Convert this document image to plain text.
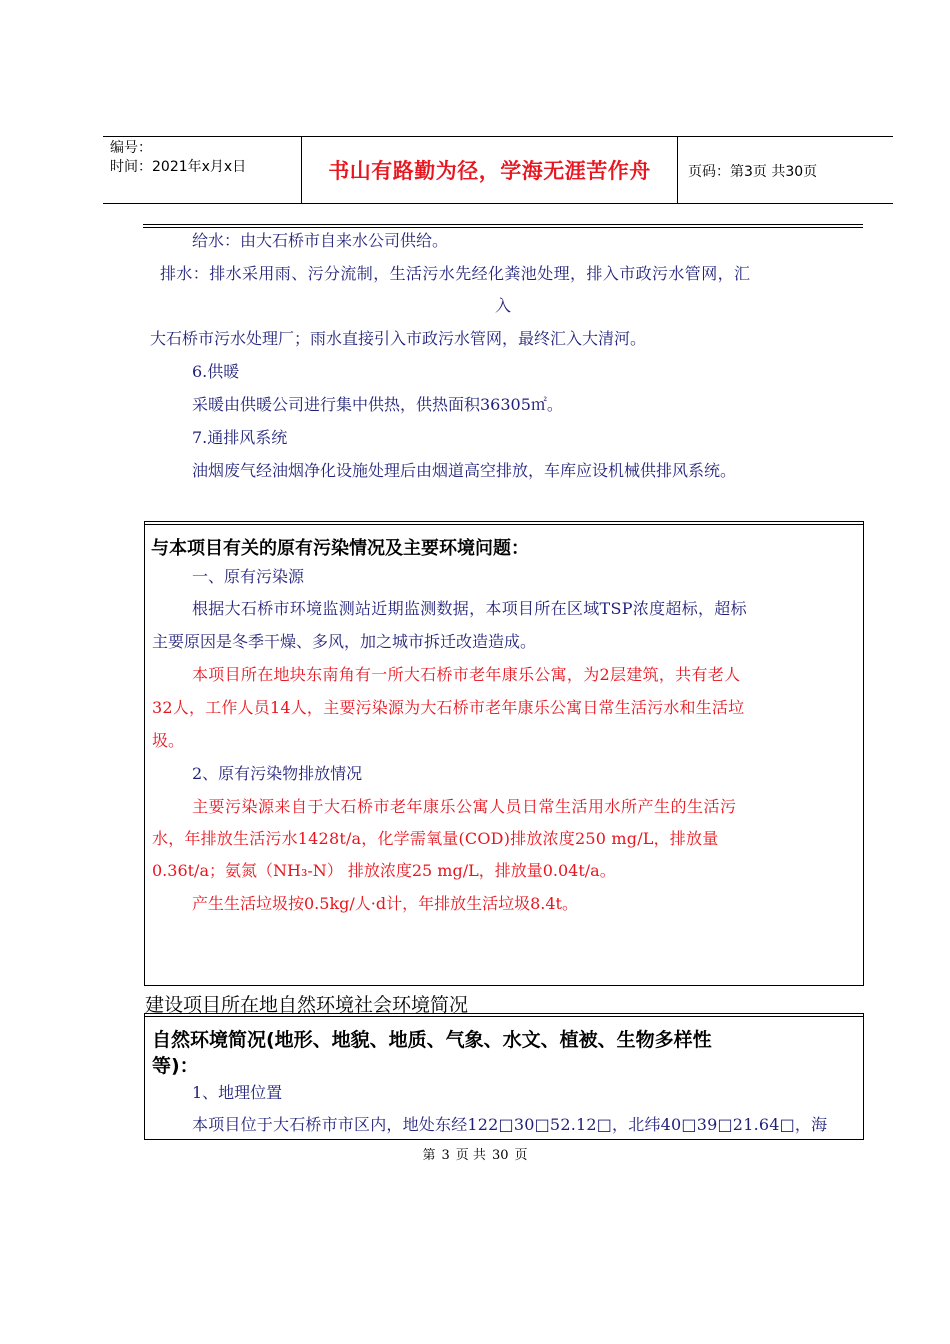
编号：
时间：2021年x月x日	书山有路勤为径，学海无涯苦作舟	页码：第3页 共30页
给水：由大石桥市自来水公司供给。
排水：排水采用雨、污分流制，生活污水先经化粪池处理，排入市政污水管网，汇
入
大石桥市污水处理厂；雨水直接引入市政污水管网，最终汇入大清河。
6.供暖
采暖由供暖公司进行集中供热，供热面积36305㎡。
7.通排风系统
油烟废气经油烟净化设施处理后由烟道高空排放，车库应设机械供排风系统。
与本项目有关的原有污染情况及主要环境问题：
一、原有污染源
根据大石桥市环境监测站近期监测数据，本项目所在区域TSP浓度超标，超标
主要原因是冬季干燥、多风，加之城市拆迁改造造成。
本项目所在地块东南角有一所大石桥市老年康乐公寓，为2层建筑，共有老人
32人，工作人员14人，主要污染源为大石桥市老年康乐公寓日常生活污水和生活垃
圾。
2、原有污染物排放情况
主要污染源来自于大石桥市老年康乐公寓人员日常生活用水所产生的生活污
水，年排放生活污水1428t/a，化学需氧量(COD)排放浓度250 mg/L，排放量
0.36t/a；氨氮（NH₃-N） 排放浓度25 mg/L，排放量0.04t/a。
产生生活垃圾按0.5kg/人·d计，年排放生活垃圾8.4t。
建设项目所在地自然环境社会环境简况
自然环境简况(地形、地貌、地质、气象、水文、植被、生物多样性
等)：
1、地理位置
本项目位于大石桥市市区内，地处东经122□30□52.12□，北纬40□39□21.64□，海
第 3 页 共 30 页
